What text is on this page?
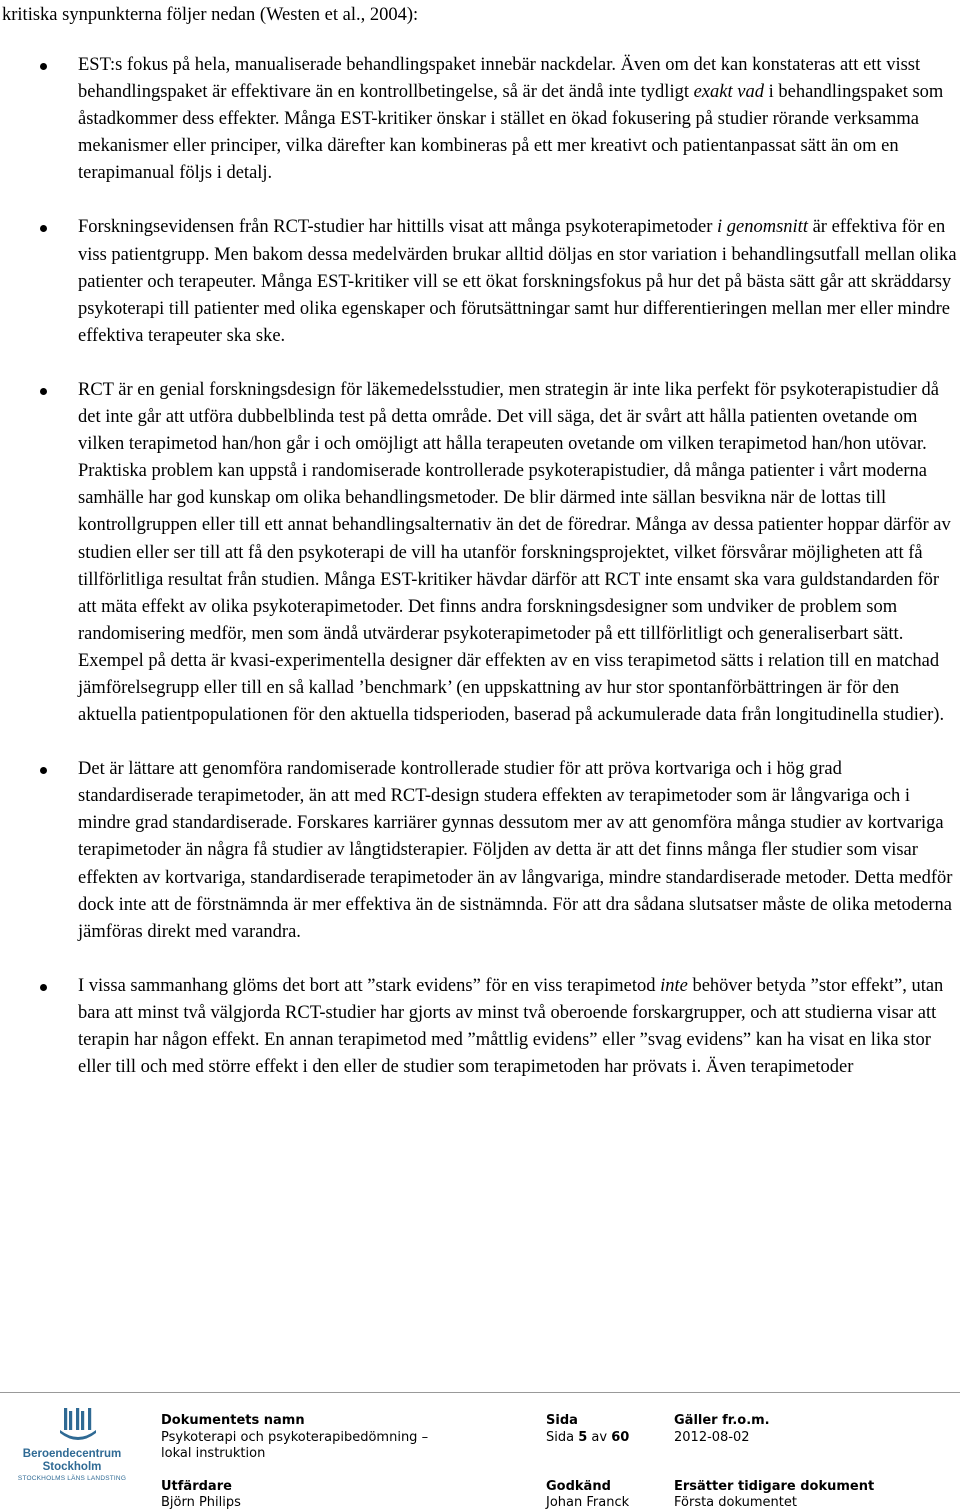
kritiska synpunkterna följer nedan (Westen et al., 2004):

EST:s fokus på hela, manualiserade behandlingspaket innebär nackdelar. Även om det kan konstateras att ett visst behandlingspaket är effektivare än en kontrollbetingelse, så är det ändå inte tydligt exakt vad i behandlingspaket som åstadkommer dess effekter. Många EST-kritiker önskar i stället en ökad fokusering på studier rörande verksamma mekanismer eller principer, vilka därefter kan kombineras på ett mer kreativt och patientanpassat sätt än om en terapimanual följs i detalj.
Forskningsevidensen från RCT-studier har hittills visat att många psykoterapimetoder i genomsnitt är effektiva för en viss patientgrupp. Men bakom dessa medelvärden brukar alltid döljas en stor variation i behandlingsutfall mellan olika patienter och terapeuter. Många EST-kritiker vill se ett ökat forskningsfokus på hur det på bästa sätt går att skräddarsy psykoterapi till patienter med olika egenskaper och förutsättningar samt hur differentieringen mellan mer eller mindre effektiva terapeuter ska ske.
RCT är en genial forskningsdesign för läkemedelsstudier, men strategin är inte lika perfekt för psykoterapistudier då det inte går att utföra dubbelblinda test på detta område. Det vill säga, det är svårt att hålla patienten ovetande om vilken terapimetod han/hon går i och omöjligt att hålla terapeuten ovetande om vilken terapimetod han/hon utövar. Praktiska problem kan uppstå i randomiserade kontrollerade psykoterapistudier, då många patienter i vårt moderna samhälle har god kunskap om olika behandlingsmetoder. De blir därmed inte sällan besvikna när de lottas till kontrollgruppen eller till ett annat behandlingsalternativ än det de föredrar. Många av dessa patienter hoppar därför av studien eller ser till att få den psykoterapi de vill ha utanför forskningsprojektet, vilket försvårar möjligheten att få tillförlitliga resultat från studien. Många EST-kritiker hävdar därför att RCT inte ensamt ska vara guldstandarden för att mäta effekt av olika psykoterapimetoder. Det finns andra forskningsdesigner som undviker de problem som randomisering medför, men som ändå utvärderar psykoterapimetoder på ett tillförlitligt och generaliserbart sätt. Exempel på detta är kvasi-experimentella designer där effekten av en viss terapimetod sätts i relation till en matchad jämförelsegrupp eller till en så kallad ’benchmark’ (en uppskattning av hur stor spontanförbättringen är för den aktuella patientpopulationen för den aktuella tidsperioden, baserad på ackumulerade data från longitudinella studier).
Det är lättare att genomföra randomiserade kontrollerade studier för att pröva kortvariga och i hög grad standardiserade terapimetoder, än att med RCT-design studera effekten av terapimetoder som är långvariga och i mindre grad standardiserade. Forskares karriärer gynnas dessutom mer av att genomföra många studier av kortvariga terapimetoder än några få studier av långtidsterapier. Följden av detta är att det finns många fler studier som visar effekten av kortvariga, standardiserade terapimetoder än av långvariga, mindre standardiserade metoder. Detta medför dock inte att de förstnämnda är mer effektiva än de sistnämnda. För att dra sådana slutsatser måste de olika metoderna jämföras direkt med varandra.
I vissa sammanhang glöms det bort att ”stark evidens” för en viss terapimetod inte behöver betyda ”stor effekt”, utan bara att minst två välgjorda RCT-studier har gjorts av minst två oberoende forskargrupper, och att studierna visar att terapin har någon effekt. En annan terapimetod med ”måttlig evidens” eller ”svag evidens” kan ha visat en lika stor eller till och med större effekt i den eller de studier som terapimetoden har prövats i. Även terapimetoder
Beroendecentrum
Stockholm
STOCKHOLMS LÄNS LANDSTING
Dokumentets namn
Psykoterapi och psykoterapibedömning –
lokal instruktion
Sida
Sida 5 av 60
Gäller fr.o.m.
2012-08-02
Utfärdare
Björn Philips
Godkänd
Johan Franck
Ersätter tidigare dokument
Första dokumentet
